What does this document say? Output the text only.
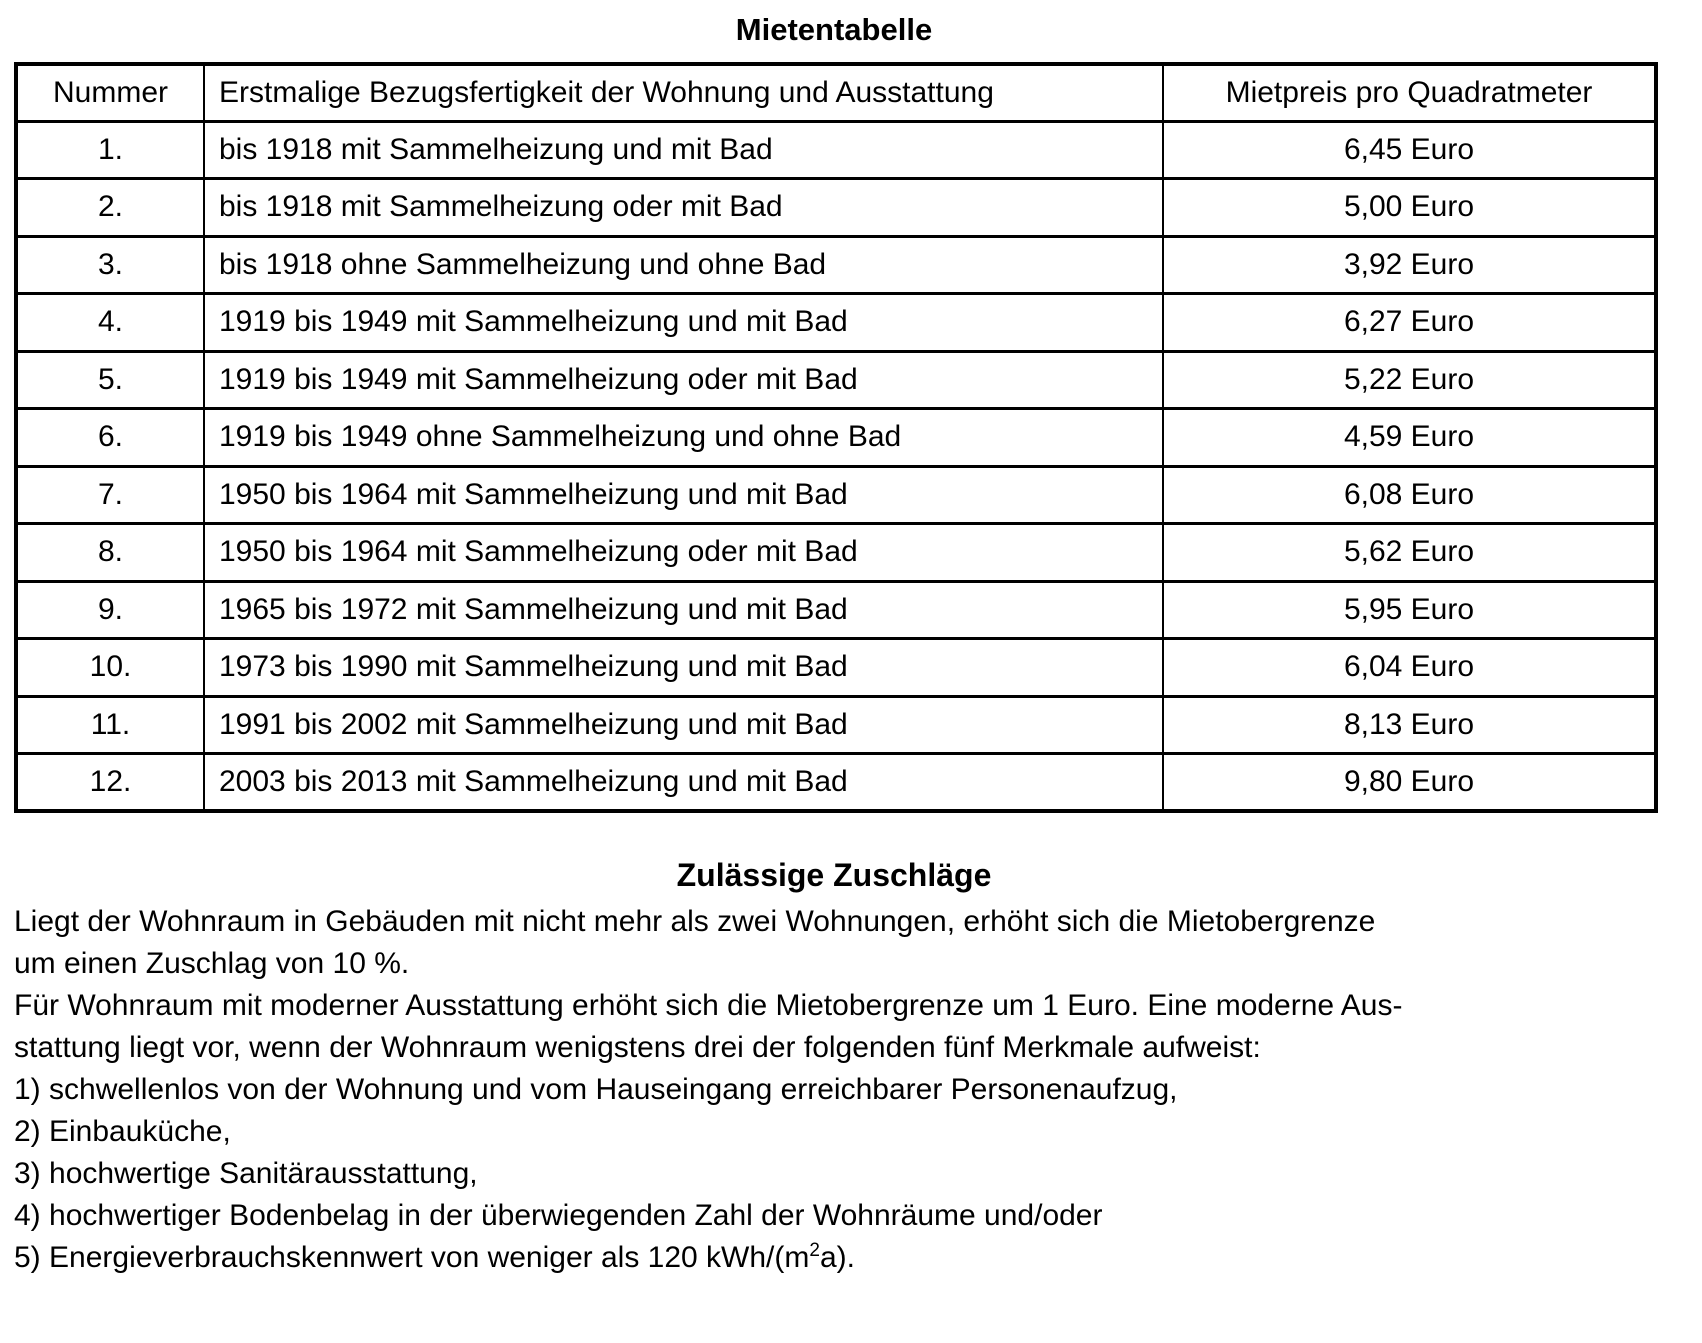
Mietentabelle
Nummer	Erstmalige Bezugsfertigkeit der Wohnung und Ausstattung	Mietpreis pro Quadratmeter
1.	bis 1918 mit Sammelheizung und mit Bad	6,45 Euro
2.	bis 1918 mit Sammelheizung oder mit Bad	5,00 Euro
3.	bis 1918 ohne Sammelheizung und ohne Bad	3,92 Euro
4.	1919 bis 1949 mit Sammelheizung und mit Bad	6,27 Euro
5.	1919 bis 1949 mit Sammelheizung oder mit Bad	5,22 Euro
6.	1919 bis 1949 ohne Sammelheizung und ohne Bad	4,59 Euro
7.	1950 bis 1964 mit Sammelheizung und mit Bad	6,08 Euro
8.	1950 bis 1964 mit Sammelheizung oder mit Bad	5,62 Euro
9.	1965 bis 1972 mit Sammelheizung und mit Bad	5,95 Euro
10.	1973 bis 1990 mit Sammelheizung und mit Bad	6,04 Euro
11.	1991 bis 2002 mit Sammelheizung und mit Bad	8,13 Euro
12.	2003 bis 2013 mit Sammelheizung und mit Bad	9,80 Euro
Zulässige Zuschläge
Liegt der Wohnraum in Gebäuden mit nicht mehr als zwei Wohnungen, erhöht sich die Mietobergrenze
um einen Zuschlag von 10 %.
Für Wohnraum mit moderner Ausstattung erhöht sich die Mietobergrenze um 1 Euro. Eine moderne Aus-
stattung liegt vor, wenn der Wohnraum wenigstens drei der folgenden fünf Merkmale aufweist:
1) schwellenlos von der Wohnung und vom Hauseingang erreichbarer Personenaufzug,
2) Einbauküche,
3) hochwertige Sanitärausstattung,
4) hochwertiger Bodenbelag in der überwiegenden Zahl der Wohnräume und/oder
5) Energieverbrauchskennwert von weniger als 120 kWh/$(m^2a)$.
